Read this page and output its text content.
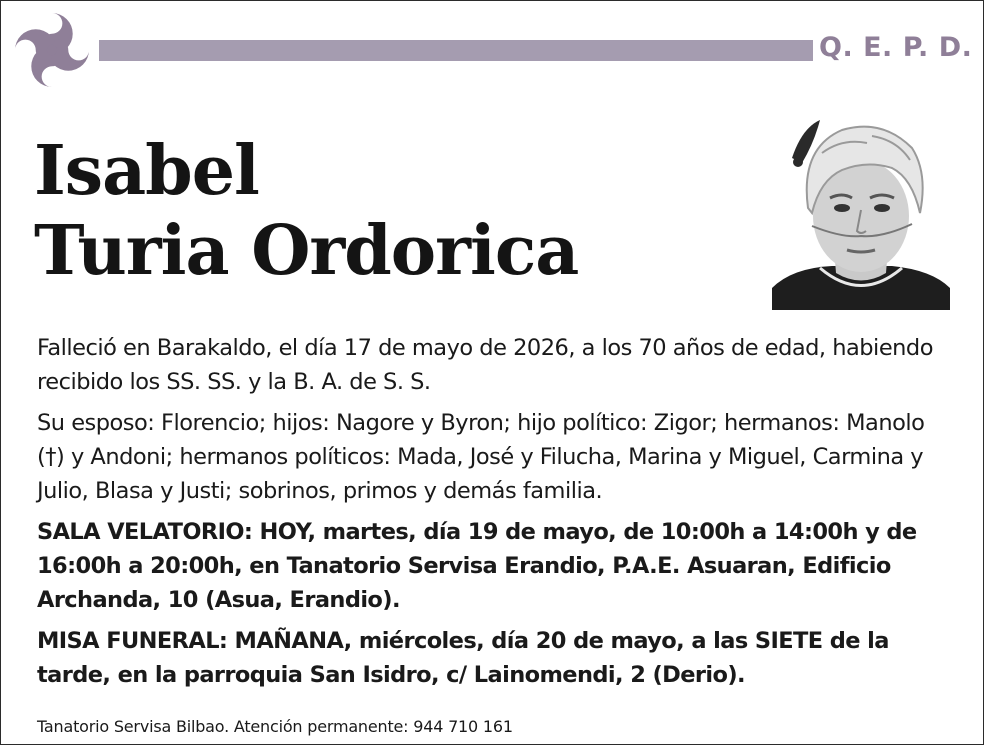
Q. E. P. D.
Isabel
Turia Ordorica

Falleció en Barakaldo, el día 17 de mayo de 2026, a los 70 años de edad, habiendo recibido los SS. SS. y la B. A. de S. S.

Su esposo: Florencio; hijos: Nagore y Byron; hijo político: Zigor; hermanos: Manolo (†) y Andoni; hermanos políticos: Mada, José y Filucha, Marina y Miguel, Carmina y Julio, Blasa y Justi; sobrinos, primos y demás familia.

SALA VELATORIO: HOY, martes, día 19 de mayo, de 10:00h a 14:00h y de 16:00h a 20:00h, en Tanatorio Servisa Erandio, P.A.E. Asuaran, Edificio Archanda, 10 (Asua, Erandio).

MISA FUNERAL: MAÑANA, miércoles, día 20 de mayo, a las SIETE de la tarde, en la parroquia San Isidro, c/ Lainomendi, 2 (Derio).

Tanatorio Servisa Bilbao. Atención permanente: 944 710 161
